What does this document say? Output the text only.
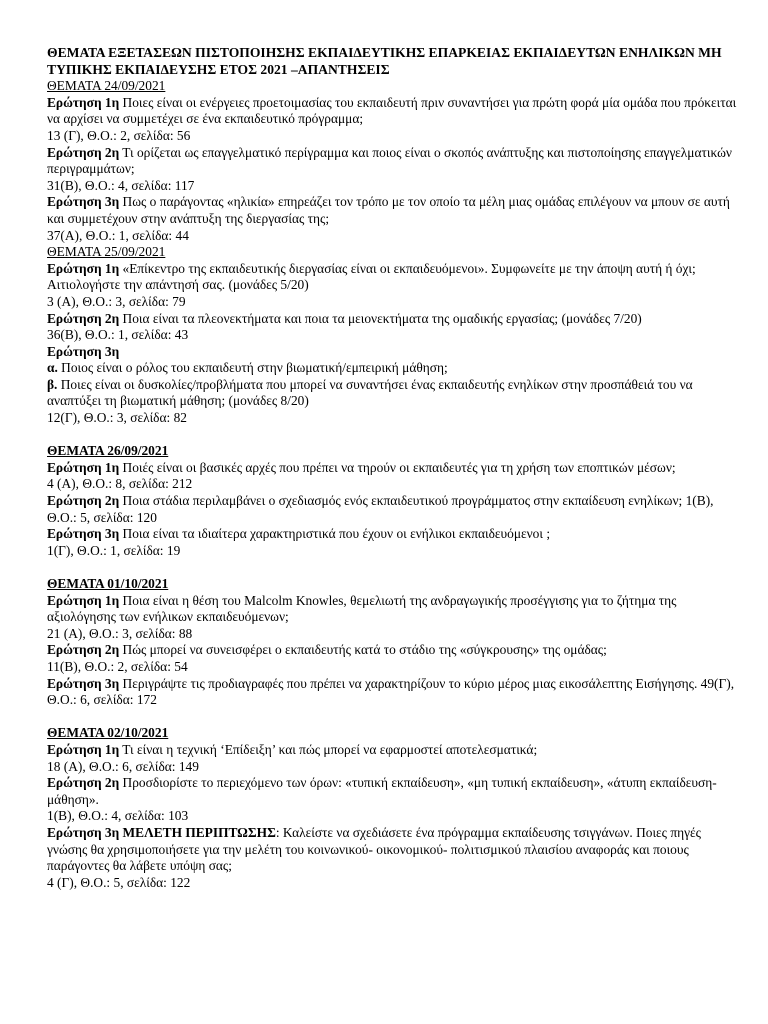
ΘΕΜΑΤΑ ΕΞΕΤΑΣΕΩΝ ΠΙΣΤΟΠΟΙΗΣΗΣ ΕΚΠΑΙΔΕΥΤΙΚΗΣ ΕΠΑΡΚΕΙΑΣ ΕΚΠΑΙΔΕΥΤΩΝ ΕΝΗΛΙΚΩΝ ΜΗ ΤΥΠΙΚΗΣ ΕΚΠΑΙΔΕΥΣΗΣ ΕΤΟΣ 2021 –ΑΠΑΝΤΗΣΕΙΣ

ΘΕΜΑΤΑ 24/09/2021

Ερώτηση 1η Ποιες είναι οι ενέργειες προετοιμασίας του εκπαιδευτή πριν συναντήσει για πρώτη φορά μία ομάδα που πρόκειται να αρχίσει να συμμετέχει σε ένα εκπαιδευτικό πρόγραμμα;

13 (Γ), Θ.Ο.: 2, σελίδα: 56

Ερώτηση 2η Τι ορίζεται ως επαγγελματικό περίγραμμα και ποιος είναι ο σκοπός ανάπτυξης και πιστοποίησης επαγγελματικών περιγραμμάτων;

31(Β), Θ.Ο.: 4, σελίδα: 117

Ερώτηση 3η Πως ο παράγοντας «ηλικία» επηρεάζει τον τρόπο με τον οποίο τα μέλη μιας ομάδας επιλέγουν να μπουν σε αυτή και συμμετέχουν στην ανάπτυξη της διεργασίας της;

37(Α), Θ.Ο.: 1, σελίδα: 44

ΘΕΜΑΤΑ 25/09/2021

Ερώτηση 1η «Επίκεντρο της εκπαιδευτικής διεργασίας είναι οι εκπαιδευόμενοι». Συμφωνείτε με την άποψη αυτή ή όχι; Αιτιολογήστε την απάντησή σας. (μονάδες 5/20)

3 (Α), Θ.Ο.: 3, σελίδα: 79

Ερώτηση 2η Ποια είναι τα πλεονεκτήματα και ποια τα μειονεκτήματα της ομαδικής εργασίας; (μονάδες 7/20)

36(Β), Θ.Ο.: 1, σελίδα: 43

Ερώτηση 3η

α. Ποιος είναι ο ρόλος του εκπαιδευτή στην βιωματική/εμπειρική μάθηση;

β. Ποιες είναι οι δυσκολίες/προβλήματα που μπορεί να συναντήσει ένας εκπαιδευτής ενηλίκων στην προσπάθειά του να αναπτύξει τη βιωματική μάθηση; (μονάδες 8/20)

12(Γ), Θ.Ο.: 3, σελίδα: 82

ΘΕΜΑΤΑ 26/09/2021

Ερώτηση 1η Ποιές είναι οι βασικές αρχές που πρέπει να τηρούν οι εκπαιδευτές για τη χρήση των εποπτικών μέσων;

4 (Α), Θ.Ο.: 8, σελίδα: 212

Ερώτηση 2η Ποια στάδια περιλαμβάνει ο σχεδιασμός ενός εκπαιδευτικού προγράμματος στην εκπαίδευση ενηλίκων; 1(Β), Θ.Ο.: 5, σελίδα: 120

Ερώτηση 3η Ποια είναι τα ιδιαίτερα χαρακτηριστικά που έχουν οι ενήλικοι εκπαιδευόμενοι ;

1(Γ), Θ.Ο.: 1, σελίδα: 19

ΘΕΜΑΤΑ 01/10/2021

Ερώτηση 1η Ποια είναι η θέση του Malcolm Knowles, θεμελιωτή της ανδραγωγικής προσέγγισης για το ζήτημα της αξιολόγησης των ενήλικων εκπαιδευόμενων;

21 (Α), Θ.Ο.: 3, σελίδα: 88

Ερώτηση 2η Πώς μπορεί να συνεισφέρει ο εκπαιδευτής κατά το στάδιο της «σύγκρουσης» της ομάδας;

11(Β), Θ.Ο.: 2, σελίδα: 54

Ερώτηση 3η Περιγράψτε τις προδιαγραφές που πρέπει να χαρακτηρίζουν το κύριο μέρος μιας εικοσάλεπτης Εισήγησης. 49(Γ), Θ.Ο.: 6, σελίδα: 172

ΘΕΜΑΤΑ 02/10/2021

Ερώτηση 1η Τι είναι η τεχνική ‘Επίδειξη’ και πώς μπορεί να εφαρμοστεί αποτελεσματικά;

18 (Α), Θ.Ο.: 6, σελίδα: 149

Ερώτηση 2η Προσδιορίστε το περιεχόμενο των όρων: «τυπική εκπαίδευση», «μη τυπική εκπαίδευση», «άτυπη εκπαίδευση-μάθηση».

1(Β), Θ.Ο.: 4, σελίδα: 103

Ερώτηση 3η ΜΕΛΕΤΗ ΠΕΡΙΠΤΩΣΗΣ: Καλείστε να σχεδιάσετε ένα πρόγραμμα εκπαίδευσης τσιγγάνων. Ποιες πηγές γνώσης θα χρησιμοποιήσετε για την μελέτη του κοινωνικού- οικονομικού- πολιτισμικού πλαισίου αναφοράς και ποιους παράγοντες θα λάβετε υπόψη σας;

4 (Γ), Θ.Ο.: 5, σελίδα: 122
